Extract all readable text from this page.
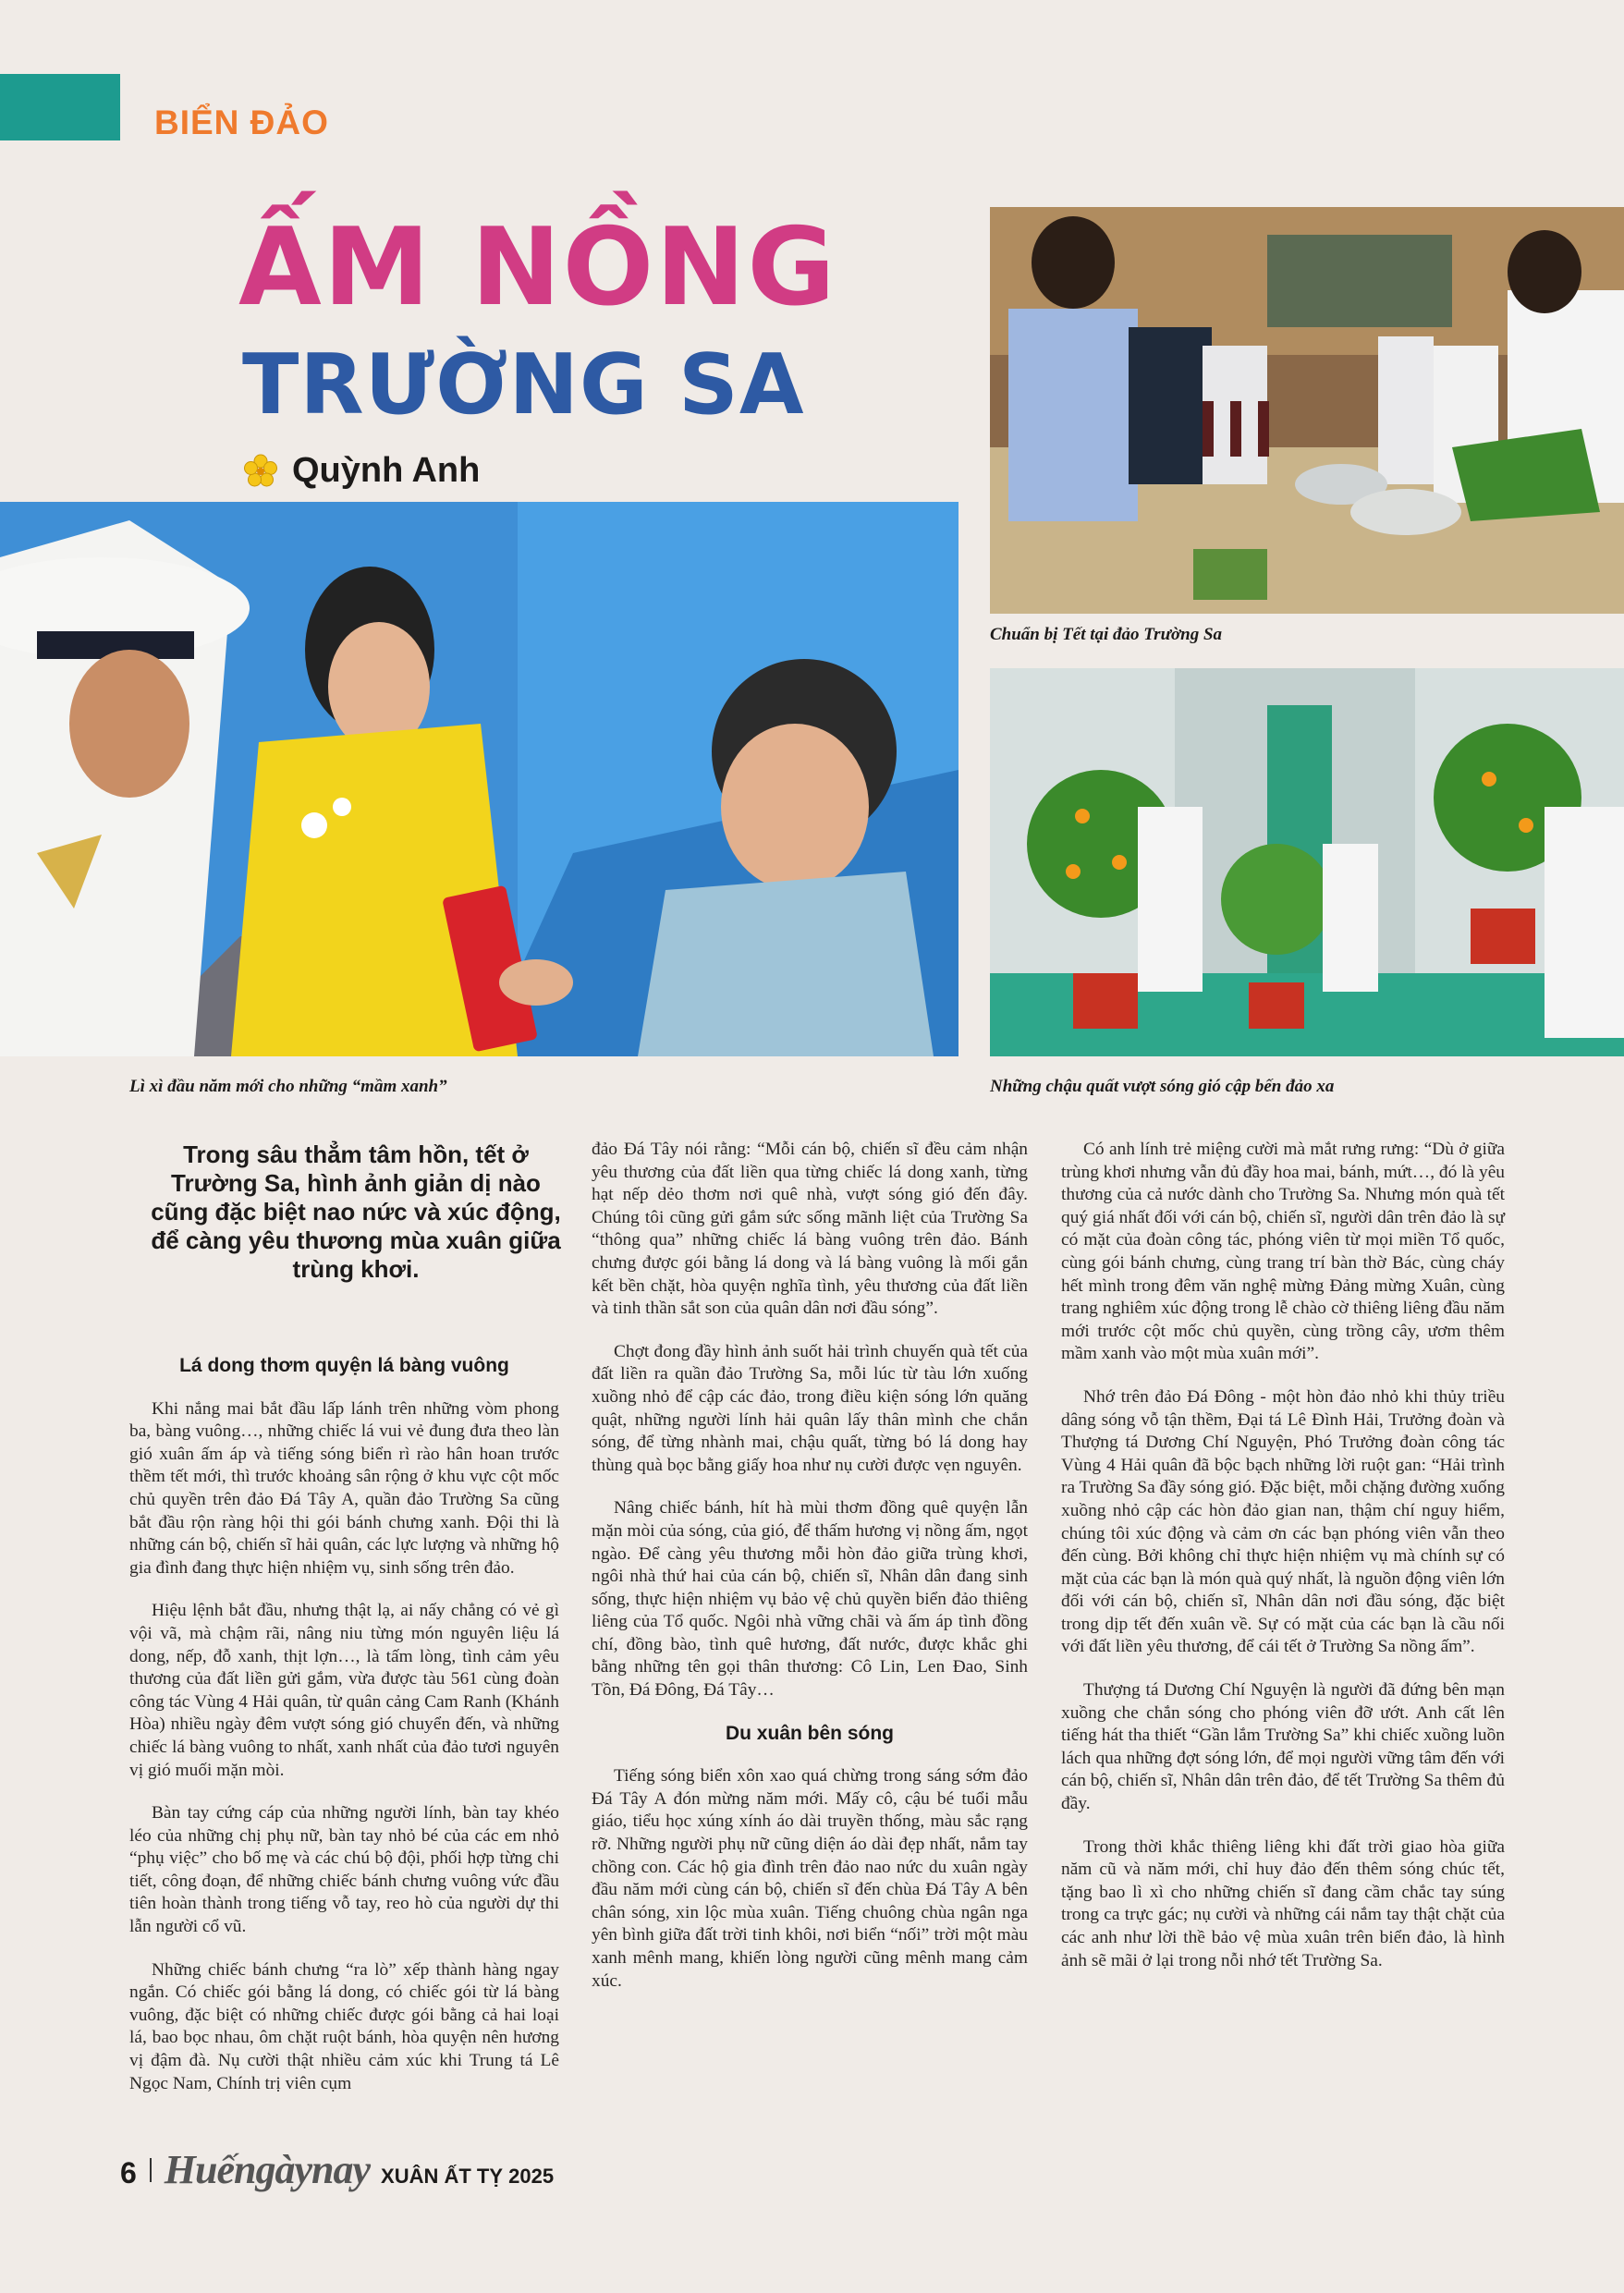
BIỂN ĐẢO
ẤM NỒNG
TRƯỜNG SA
Quỳnh Anh
Lì xì đầu năm mới cho những “mầm xanh”
Chuẩn bị Tết tại đảo Trường Sa
Những chậu quất vượt sóng gió cập bến đảo xa
Trong sâu thẳm tâm hồn, tết ở Trường Sa, hình ảnh giản dị nào cũng đặc biệt nao nức và xúc động, để càng yêu thương mùa xuân giữa trùng khơi.
Lá dong thơm quyện lá bàng vuông

Khi nắng mai bắt đầu lấp lánh trên những vòm phong ba, bàng vuông…, những chiếc lá vui vẻ đung đưa theo làn gió xuân ấm áp và tiếng sóng biển rì rào hân hoan trước thềm tết mới, thì trước khoảng sân rộng ở khu vực cột mốc chủ quyền trên đảo Đá Tây A, quần đảo Trường Sa cũng bắt đầu rộn ràng hội thi gói bánh chưng xanh. Đội thi là những cán bộ, chiến sĩ hải quân, các lực lượng và những hộ gia đình đang thực hiện nhiệm vụ, sinh sống trên đảo.

Hiệu lệnh bắt đầu, nhưng thật lạ, ai nấy chẳng có vẻ gì vội vã, mà chậm rãi, nâng niu từng món nguyên liệu lá dong, nếp, đỗ xanh, thịt lợn…, là tấm lòng, tình cảm yêu thương của đất liền gửi gắm, vừa được tàu 561 cùng đoàn công tác Vùng 4 Hải quân, từ quân cảng Cam Ranh (Khánh Hòa) nhiều ngày đêm vượt sóng gió chuyển đến, và những chiếc lá bàng vuông to nhất, xanh nhất của đảo tươi nguyên vị gió muối mặn mòi.

Bàn tay cứng cáp của những người lính, bàn tay khéo léo của những chị phụ nữ, bàn tay nhỏ bé của các em nhỏ “phụ việc” cho bố mẹ và các chú bộ đội, phối hợp từng chi tiết, công đoạn, để những chiếc bánh chưng vuông vức đầu tiên hoàn thành trong tiếng vỗ tay, reo hò của người dự thi lẫn người cổ vũ.

Những chiếc bánh chưng “ra lò” xếp thành hàng ngay ngắn. Có chiếc gói bằng lá dong, có chiếc gói từ lá bàng vuông, đặc biệt có những chiếc được gói bằng cả hai loại lá, bao bọc nhau, ôm chặt ruột bánh, hòa quyện nên hương vị đậm đà. Nụ cười thật nhiều cảm xúc khi Trung tá Lê Ngọc Nam, Chính trị viên cụm

đảo Đá Tây nói rằng: “Mỗi cán bộ, chiến sĩ đều cảm nhận yêu thương của đất liền qua từng chiếc lá dong xanh, từng hạt nếp dẻo thơm nơi quê nhà, vượt sóng gió đến đây. Chúng tôi cũng gửi gắm sức sống mãnh liệt của Trường Sa “thông qua” những chiếc lá bàng vuông trên đảo. Bánh chưng được gói bằng lá dong và lá bàng vuông là mối gắn kết bền chặt, hòa quyện nghĩa tình, yêu thương của đất liền và tinh thần sắt son của quân dân nơi đầu sóng”.

Chợt đong đầy hình ảnh suốt hải trình chuyến quà tết của đất liền ra quần đảo Trường Sa, mỗi lúc từ tàu lớn xuống xuồng nhỏ để cập các đảo, trong điều kiện sóng lớn quăng quật, những người lính hải quân lấy thân mình che chắn sóng, để từng nhành mai, chậu quất, từng bó lá dong hay thùng quà bọc bằng giấy hoa như nụ cười được vẹn nguyên.

Nâng chiếc bánh, hít hà mùi thơm đồng quê quyện lẫn mặn mòi của sóng, của gió, để thấm hương vị nồng ấm, ngọt ngào. Để càng yêu thương mỗi hòn đảo giữa trùng khơi, ngôi nhà thứ hai của cán bộ, chiến sĩ, Nhân dân đang sinh sống, thực hiện nhiệm vụ bảo vệ chủ quyền biển đảo thiêng liêng của Tổ quốc. Ngôi nhà vững chãi và ấm áp tình đồng chí, đồng bào, tình quê hương, đất nước, được khắc ghi bằng những tên gọi thân thương: Cô Lin, Len Đao, Sinh Tồn, Đá Đông, Đá Tây…

Du xuân bên sóng

Tiếng sóng biển xôn xao quá chừng trong sáng sớm đảo Đá Tây A đón mừng năm mới. Mấy cô, cậu bé tuổi mẫu giáo, tiểu học xúng xính áo dài truyền thống, màu sắc rạng rỡ. Những người phụ nữ cũng diện áo dài đẹp nhất, nắm tay chồng con. Các hộ gia đình trên đảo nao nức du xuân ngày đầu năm mới cùng cán bộ, chiến sĩ đến chùa Đá Tây A bên chân sóng, xin lộc mùa xuân. Tiếng chuông chùa ngân nga yên bình giữa đất trời tinh khôi, nơi biển “nối” trời một màu xanh mênh mang, khiến lòng người cũng mênh mang cảm xúc.

Có anh lính trẻ miệng cười mà mắt rưng rưng: “Dù ở giữa trùng khơi nhưng vẫn đủ đầy hoa mai, bánh, mứt…, đó là yêu thương của cả nước dành cho Trường Sa. Nhưng món quà tết quý giá nhất đối với cán bộ, chiến sĩ, người dân trên đảo là sự có mặt của đoàn công tác, phóng viên từ mọi miền Tổ quốc, cùng gói bánh chưng, cùng trang trí bàn thờ Bác, cùng cháy hết mình trong đêm văn nghệ mừng Đảng mừng Xuân, cùng trang nghiêm xúc động trong lễ chào cờ thiêng liêng đầu năm mới trước cột mốc chủ quyền, cùng trồng cây, ươm thêm mầm xanh vào một mùa xuân mới”.

Nhớ trên đảo Đá Đông - một hòn đảo nhỏ khi thủy triều dâng sóng vỗ tận thềm, Đại tá Lê Đình Hải, Trưởng đoàn và Thượng tá Dương Chí Nguyện, Phó Trưởng đoàn công tác Vùng 4 Hải quân đã bộc bạch những lời ruột gan: “Hải trình ra Trường Sa đầy sóng gió. Đặc biệt, mỗi chặng đường xuống xuồng nhỏ cập các hòn đảo gian nan, thậm chí nguy hiểm, chúng tôi xúc động và cảm ơn các bạn phóng viên vẫn theo đến cùng. Bởi không chỉ thực hiện nhiệm vụ mà chính sự có mặt của các bạn là món quà quý nhất, là nguồn động viên lớn đối với cán bộ, chiến sĩ, Nhân dân nơi đầu sóng, đặc biệt trong dịp tết đến xuân về. Sự có mặt của các bạn là cầu nối với đất liền yêu thương, để cái tết ở Trường Sa nồng ấm”.

Thượng tá Dương Chí Nguyện là người đã đứng bên mạn xuồng che chắn sóng cho phóng viên đỡ ướt. Anh cất lên tiếng hát tha thiết “Gần lắm Trường Sa” khi chiếc xuồng luồn lách qua những đợt sóng lớn, để mọi người vững tâm đến với cán bộ, chiến sĩ, Nhân dân trên đảo, để tết Trường Sa thêm đủ đầy.

Trong thời khắc thiêng liêng khi đất trời giao hòa giữa năm cũ và năm mới, chỉ huy đảo đến thêm sóng chúc tết, tặng bao lì xì cho những chiến sĩ đang cầm chắc tay súng trong ca trực gác; nụ cười và những cái nắm tay thật chặt của các anh như lời thề bảo vệ mùa xuân trên biển đảo, là hình ảnh sẽ mãi ở lại trong nỗi nhớ tết Trường Sa.

6 Huếngàynay XUÂN ẤT TỴ 2025
